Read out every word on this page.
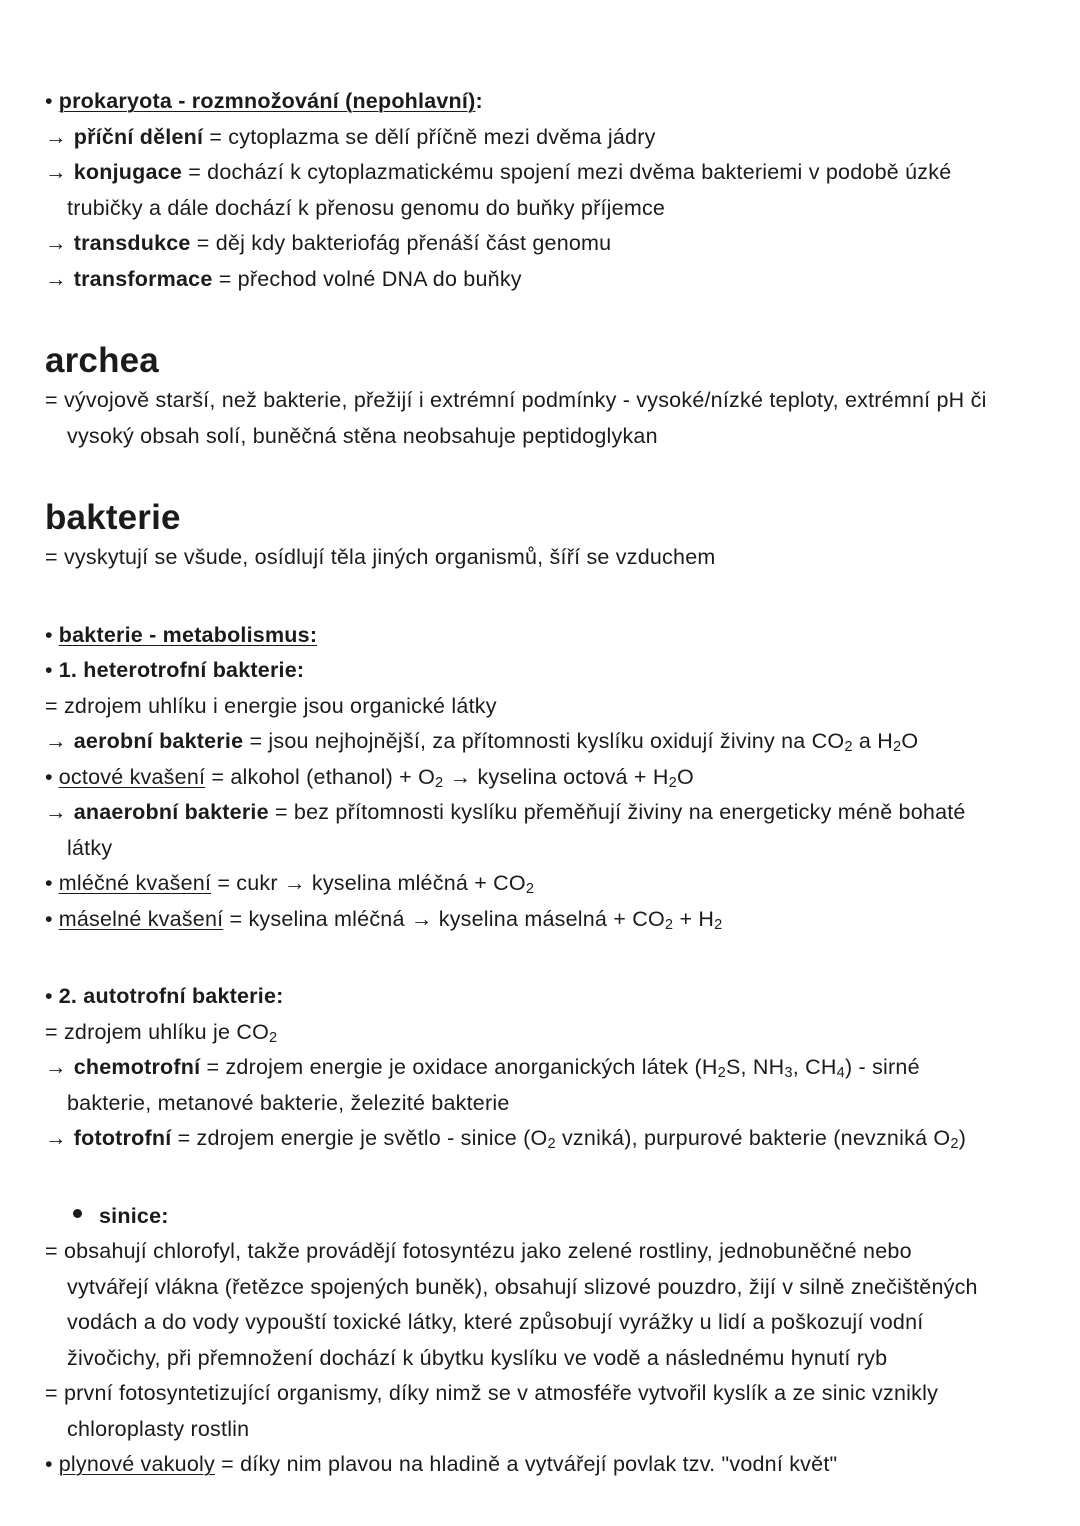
• prokaryota - rozmnožování (nepohlavní):
→ příční dělení = cytoplazma se dělí příčně mezi dvěma jádry
→ konjugace = dochází k cytoplazmatickému spojení mezi dvěma bakteriemi v podobě úzké
trubičky a dále dochází k přenosu genomu do buňky příjemce
→ transdukce = děj kdy bakteriofág přenáší část genomu
→ transformace = přechod volné DNA do buňky
archea
= vývojově starší, než bakterie, přežijí i extrémní podmínky - vysoké/nízké teploty, extrémní pH či
vysoký obsah solí, buněčná stěna neobsahuje peptidoglykan
bakterie
= vyskytují se všude, osídlují těla jiných organismů, šíří se vzduchem
• bakterie - metabolismus:
• 1. heterotrofní bakterie:
= zdrojem uhlíku i energie jsou organické látky
→ aerobní bakterie = jsou nejhojnější, za přítomnosti kyslíku oxidují živiny na $CO_2$ a $H_2O$
• octové kvašení = alkohol (ethanol) + $O_2$ → kyselina octová + $H_2O$
→ anaerobní bakterie = bez přítomnosti kyslíku přeměňují živiny na energeticky méně bohaté
látky
• mléčné kvašení = cukr → kyselina mléčná + $CO_2$
• máselné kvašení = kyselina mléčná → kyselina máselná + $CO_2 + H_2$
• 2. autotrofní bakterie:
= zdrojem uhlíku je $CO_2$
→ chemotrofní = zdrojem energie je oxidace anorganických látek ($H_2S$, $NH_3$, $CH_4$) - sirné
bakterie, metanové bakterie, železité bakterie
→ fototrofní = zdrojem energie je světlo - sinice ($O_2$ vzniká), purpurové bakterie (nevzniká $O_2$)
sinice:
= obsahují chlorofyl, takže provádějí fotosyntézu jako zelené rostliny, jednobuněčné nebo
vytvářejí vlákna (řetězce spojených buněk), obsahují slizové pouzdro, žijí v silně znečištěných
vodách a do vody vypouští toxické látky, které způsobují vyrážky u lidí a poškozují vodní
živočichy, při přemnožení dochází k úbytku kyslíku ve vodě a následnému hynutí ryb
= první fotosyntetizující organismy, díky nimž se v atmosféře vytvořil kyslík a ze sinic vznikly
chloroplasty rostlin
• plynové vakuoly = díky nim plavou na hladině a vytvářejí povlak tzv. "vodní květ"
